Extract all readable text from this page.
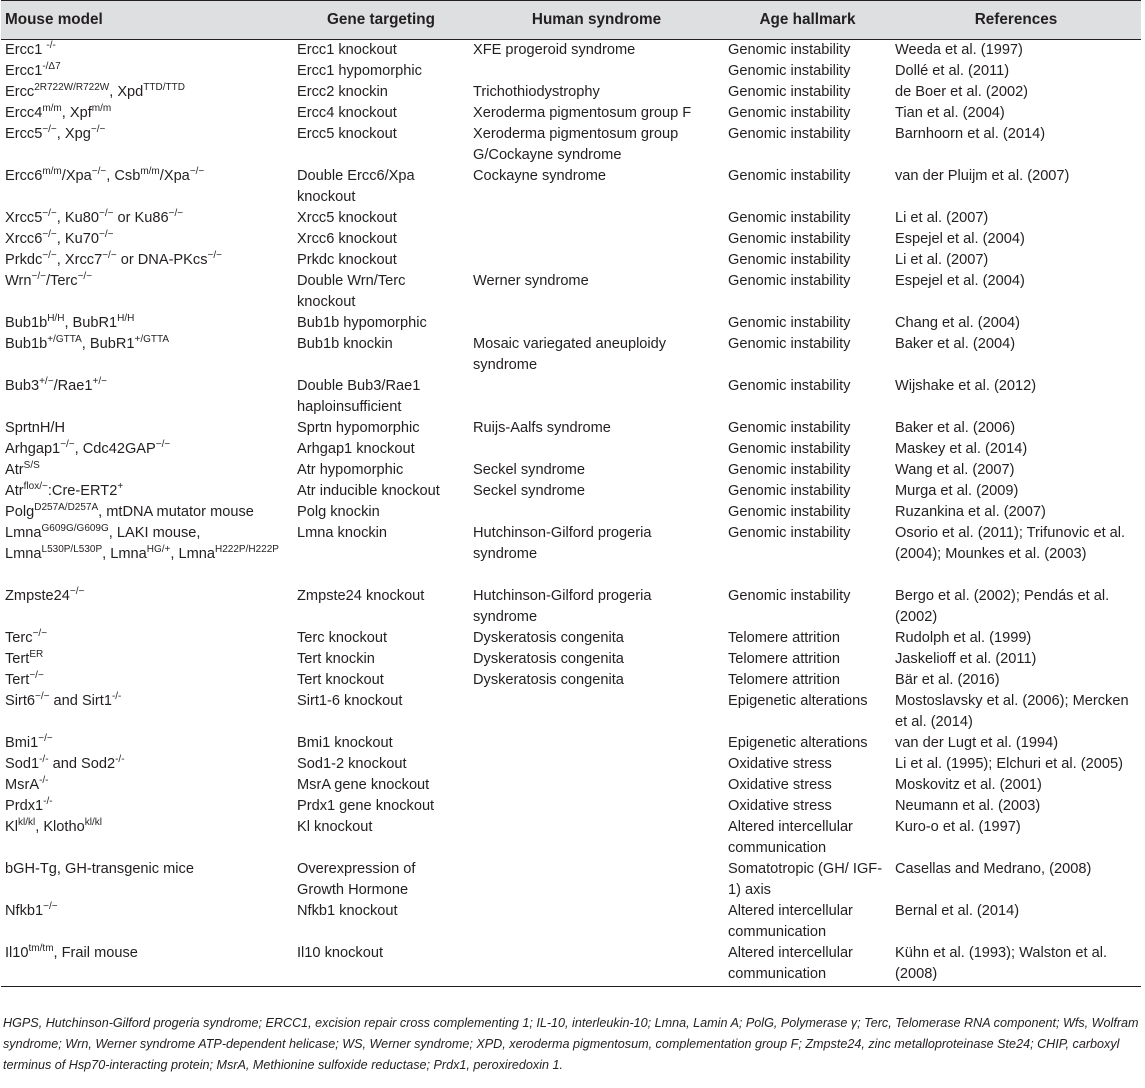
Mouse model	Gene targeting	Human syndrome	Age hallmark	References
Ercc1 -/-	Ercc1 knockout	XFE progeroid syndrome	Genomic instability	Weeda et al. (1997)
$Ercc1^{-/\Delta 7}$	Ercc1 hypomorphic		Genomic instability	Dollé et al. (2011)
Ercc$^{2R722W/R722W}$, Xpd$^{TTD/TTD}$	Ercc2 knockin	Trichothiodystrophy	Genomic instability	de Boer et al. (2002)
$Ercc4^{m/m}$, Xpf$^{m/m}$	Ercc4 knockout	Xeroderma pigmentosum group F	Genomic instability	Tian et al. (2004)
Ercc5−/−, Xpg−/−	Ercc5 knockout	Xeroderma pigmentosum group G/Cockayne syndrome	Genomic instability	Barnhoorn et al. (2014)
$Ercc6^{m/m}/Xpa^{-/-}$, Csb$^{m/m}$/Xpa−/−	Double Ercc6/Xpa knockout	Cockayne syndrome	Genomic instability	van der Pluijm et al. (2007)
Xrcc5−/−, Ku80−/− or Ku86−/−	Xrcc5 knockout		Genomic instability	Li et al. (2007)
Xrcc6−/−, Ku70−/−	Xrcc6 knockout		Genomic instability	Espejel et al. (2004)
Prkdc−/−, Xrcc7−/− or DNA-PKcs−/−	Prkdc knockout		Genomic instability	Li et al. (2007)
Wrn−/−/Terc−/−	Double Wrn/Terc knockout	Werner syndrome	Genomic instability	Espejel et al. (2004)
$Bub1b^{H/H}$, $BubR1^{H/H}$	Bub1b hypomorphic		Genomic instability	Chang et al. (2004)
$Bub1b^{+/GTTA}$, $BubR1^{+/GTTA}$	Bub1b knockin	Mosaic variegated aneuploidy syndrome	Genomic instability	Baker et al. (2004)
Bub3+/−/Rae1+/−	Double Bub3/Rae1 haploinsufficient		Genomic instability	Wijshake et al. (2012)
SprtnH/H	Sprtn hypomorphic	Ruijs-Aalfs syndrome	Genomic instability	Baker et al. (2006)
Arhgap1−/−, Cdc42GAP−/−	Arhgap1 knockout		Genomic instability	Maskey et al. (2014)
Atr$^{S/S}$	Atr hypomorphic	Seckel syndrome	Genomic instability	Wang et al. (2007)
Atr$^{flox/-}$:Cre-ERT2+	Atr inducible knockout	Seckel syndrome	Genomic instability	Murga et al. (2009)
Polg$^{D257A/D257A}$, mtDNA mutator mouse	Polg knockin		Genomic instability	Ruzankina et al. (2007)
Lmna$^{G609G/G609G}$, LAKI mouse, Lmna$^{L530P/L530P}$, Lmna$^{HG/+}$, Lmna$^{H222P/H222P}$	Lmna knockin	Hutchinson-Gilford progeria syndrome	Genomic instability	Osorio et al. (2011); Trifunovic et al. (2004); Mounkes et al. (2003)
Zmpste24−/−	Zmpste24 knockout	Hutchinson-Gilford progeria syndrome	Genomic instability	Bergo et al. (2002); Pendás et al. (2002)
Terc−/−	Terc knockout	Dyskeratosis congenita	Telomere attrition	Rudolph et al. (1999)
Tert$^{ER}$	Tert knockin	Dyskeratosis congenita	Telomere attrition	Jaskelioff et al. (2011)
Tert−/−	Tert knockout	Dyskeratosis congenita	Telomere attrition	Bär et al. (2016)
Sirt6−/− and Sirt1-/-	Sirt1-6 knockout		Epigenetic alterations	Mostoslavsky et al. (2006); Mercken et al. (2014)
Bmi1−/−	Bmi1 knockout		Epigenetic alterations	van der Lugt et al. (1994)
Sod1-/- and Sod2-/-	Sod1-2 knockout		Oxidative stress	Li et al. (1995); Elchuri et al. (2005)
MsrA-/-	MsrA gene knockout		Oxidative stress	Moskovitz et al. (2001)
Prdx1-/-	Prdx1 gene knockout		Oxidative stress	Neumann et al. (2003)
$Kl^{kl/kl}$, Klotho$^{kl/kl}$	Kl knockout		Altered intercellular communication	Kuro-o et al. (1997)
bGH-Tg, GH-transgenic mice	Overexpression of Growth Hormone		Somatotropic (GH/ IGF-1) axis	Casellas and Medrano, (2008)
Nfkb1−/−	Nfkb1 knockout		Altered intercellular communication	Bernal et al. (2014)
$Il10^{tm/tm}$, Frail mouse	Il10 knockout		Altered intercellular communication	Kühn et al. (1993); Walston et al. (2008)
HGPS, Hutchinson-Gilford progeria syndrome; ERCC1, excision repair cross complementing 1; IL-10, interleukin-10; Lmna, Lamin A; PolG, Polymerase γ; Terc, Telomerase RNA component; Wfs, Wolfram syndrome; Wrn, Werner syndrome ATP-dependent helicase; WS, Werner syndrome; XPD, xeroderma pigmentosum, complementation group F; Zmpste24, zinc metalloproteinase Ste24; CHIP, carboxyl terminus of Hsp70-interacting protein; MsrA, Methionine sulfoxide reductase; Prdx1, peroxiredoxin 1.
